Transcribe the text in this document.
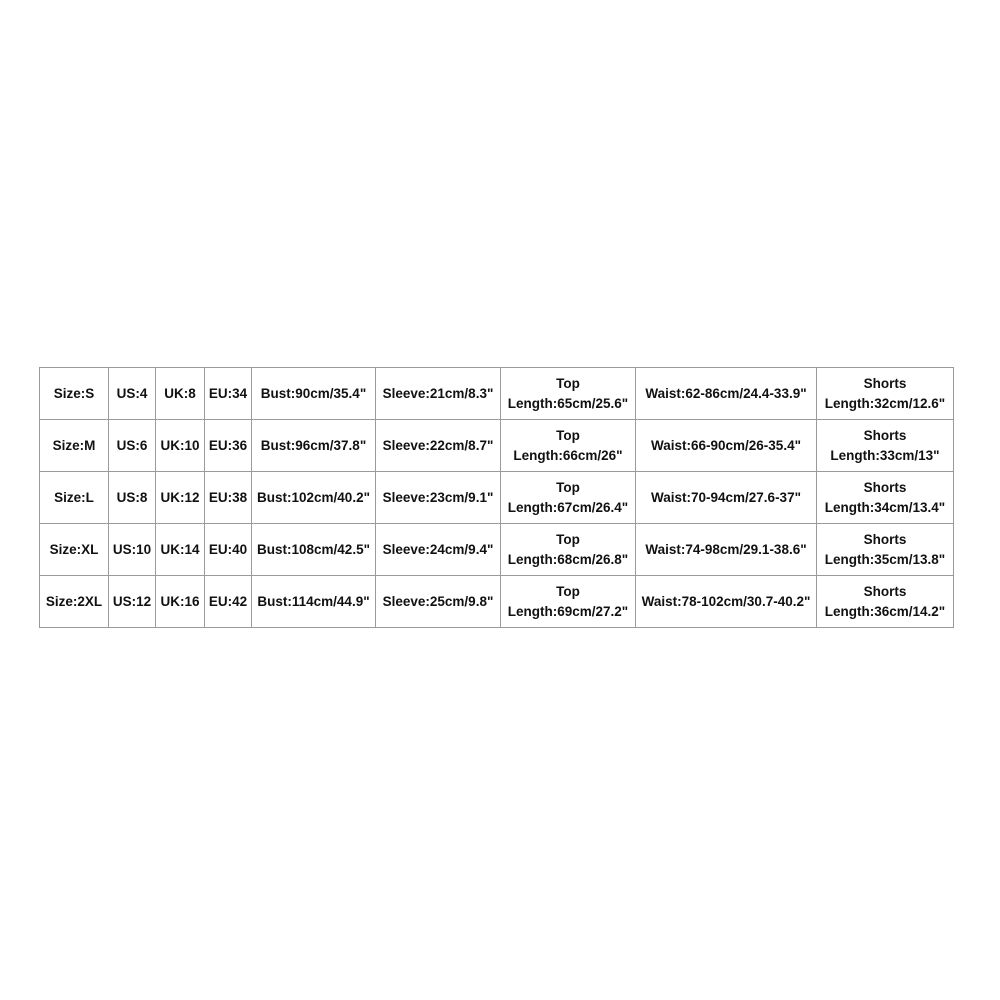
Size:S	US:4	UK:8	EU:34	Bust:90cm/35.4"	Sleeve:21cm/8.3"	Top
Length:65cm/25.6"	Waist:62-86cm/24.4-33.9"	Shorts
Length:32cm/12.6"

Size:M	US:6	UK:10	EU:36	Bust:96cm/37.8"	Sleeve:22cm/8.7"	Top
Length:66cm/26"	Waist:66-90cm/26-35.4"	Shorts
Length:33cm/13"

Size:L	US:8	UK:12	EU:38	Bust:102cm/40.2"	Sleeve:23cm/9.1"	Top
Length:67cm/26.4"	Waist:70-94cm/27.6-37"	Shorts
Length:34cm/13.4"

Size:XL	US:10	UK:14	EU:40	Bust:108cm/42.5"	Sleeve:24cm/9.4"	Top
Length:68cm/26.8"	Waist:74-98cm/29.1-38.6"	Shorts
Length:35cm/13.8"

Size:2XL	US:12	UK:16	EU:42	Bust:114cm/44.9"	Sleeve:25cm/9.8"	Top
Length:69cm/27.2"	Waist:78-102cm/30.7-40.2"	Shorts
Length:36cm/14.2"
